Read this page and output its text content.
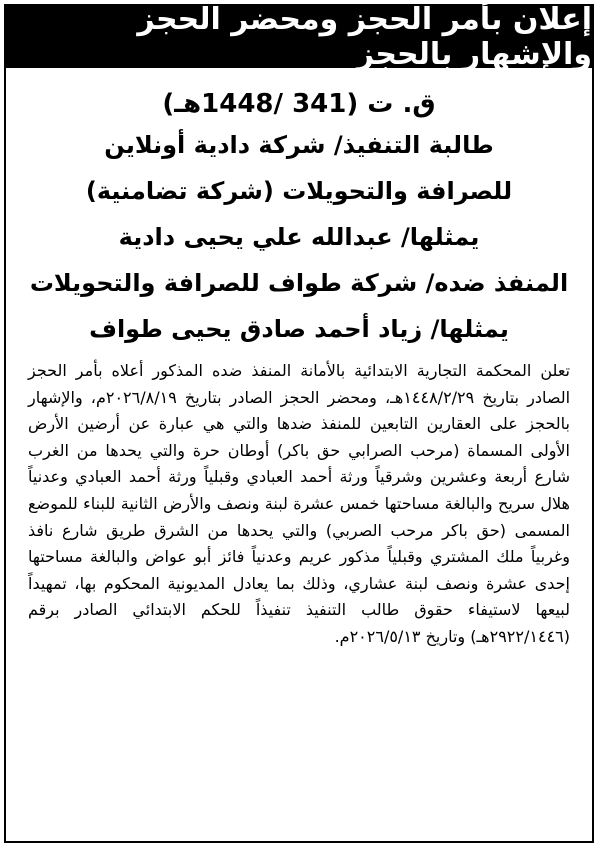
إعلان بأمر الحجز ومحضر الحجز والإشهار بالحجز
ق. ت (341 /1448هـ)
طالبة التنفيذ/ شركة دادية أونلاين
للصرافة والتحويلات (شركة تضامنية)
يمثلها/ عبدالله علي يحيى دادية
المنفذ ضده/ شركة طواف للصرافة والتحويلات
يمثلها/ زياد أحمد صادق يحيى طواف

تعلن المحكمة التجارية الابتدائية بالأمانة المنفذ ضده المذكور أعلاه بأمر الحجز الصادر بتاريخ ١٤٤٨/٢/٢٩هـ، ومحضر الحجز الصادر بتاريخ ٢٠٢٦/٨/١٩م، والإشهار بالحجز على العقارين التابعين للمنفذ ضدها والتي هي عبارة عن أرضين الأرض الأولى المسماة (مرحب الصرابي حق باكر) أوطان حرة والتي يحدها من الغرب شارع أربعة وعشرين وشرقياً ورثة أحمد العبادي وقبلياً ورثة أحمد العبادي وعدنياً هلال سريح والبالغة مساحتها خمس عشرة لبنة ونصف والأرض الثانية للبناء للموضع المسمى (حق باكر مرحب الصربي) والتي يحدها من الشرق طريق شارع نافذ وغربياً ملك المشتري وقبلياً مذكور عريم وعدنياً فائز أبو عواض والبالغة مساحتها إحدى عشرة ونصف لبنة عشاري، وذلك بما يعادل المديونية المحكوم بها، تمهيداً لبيعها لاستيفاء حقوق طالب التنفيذ تنفيذاً للحكم الابتدائي الصادر برقم (٢٩٢٢/١٤٤٦هـ) وتاريخ ٢٠٢٦/٥/١٣م.
